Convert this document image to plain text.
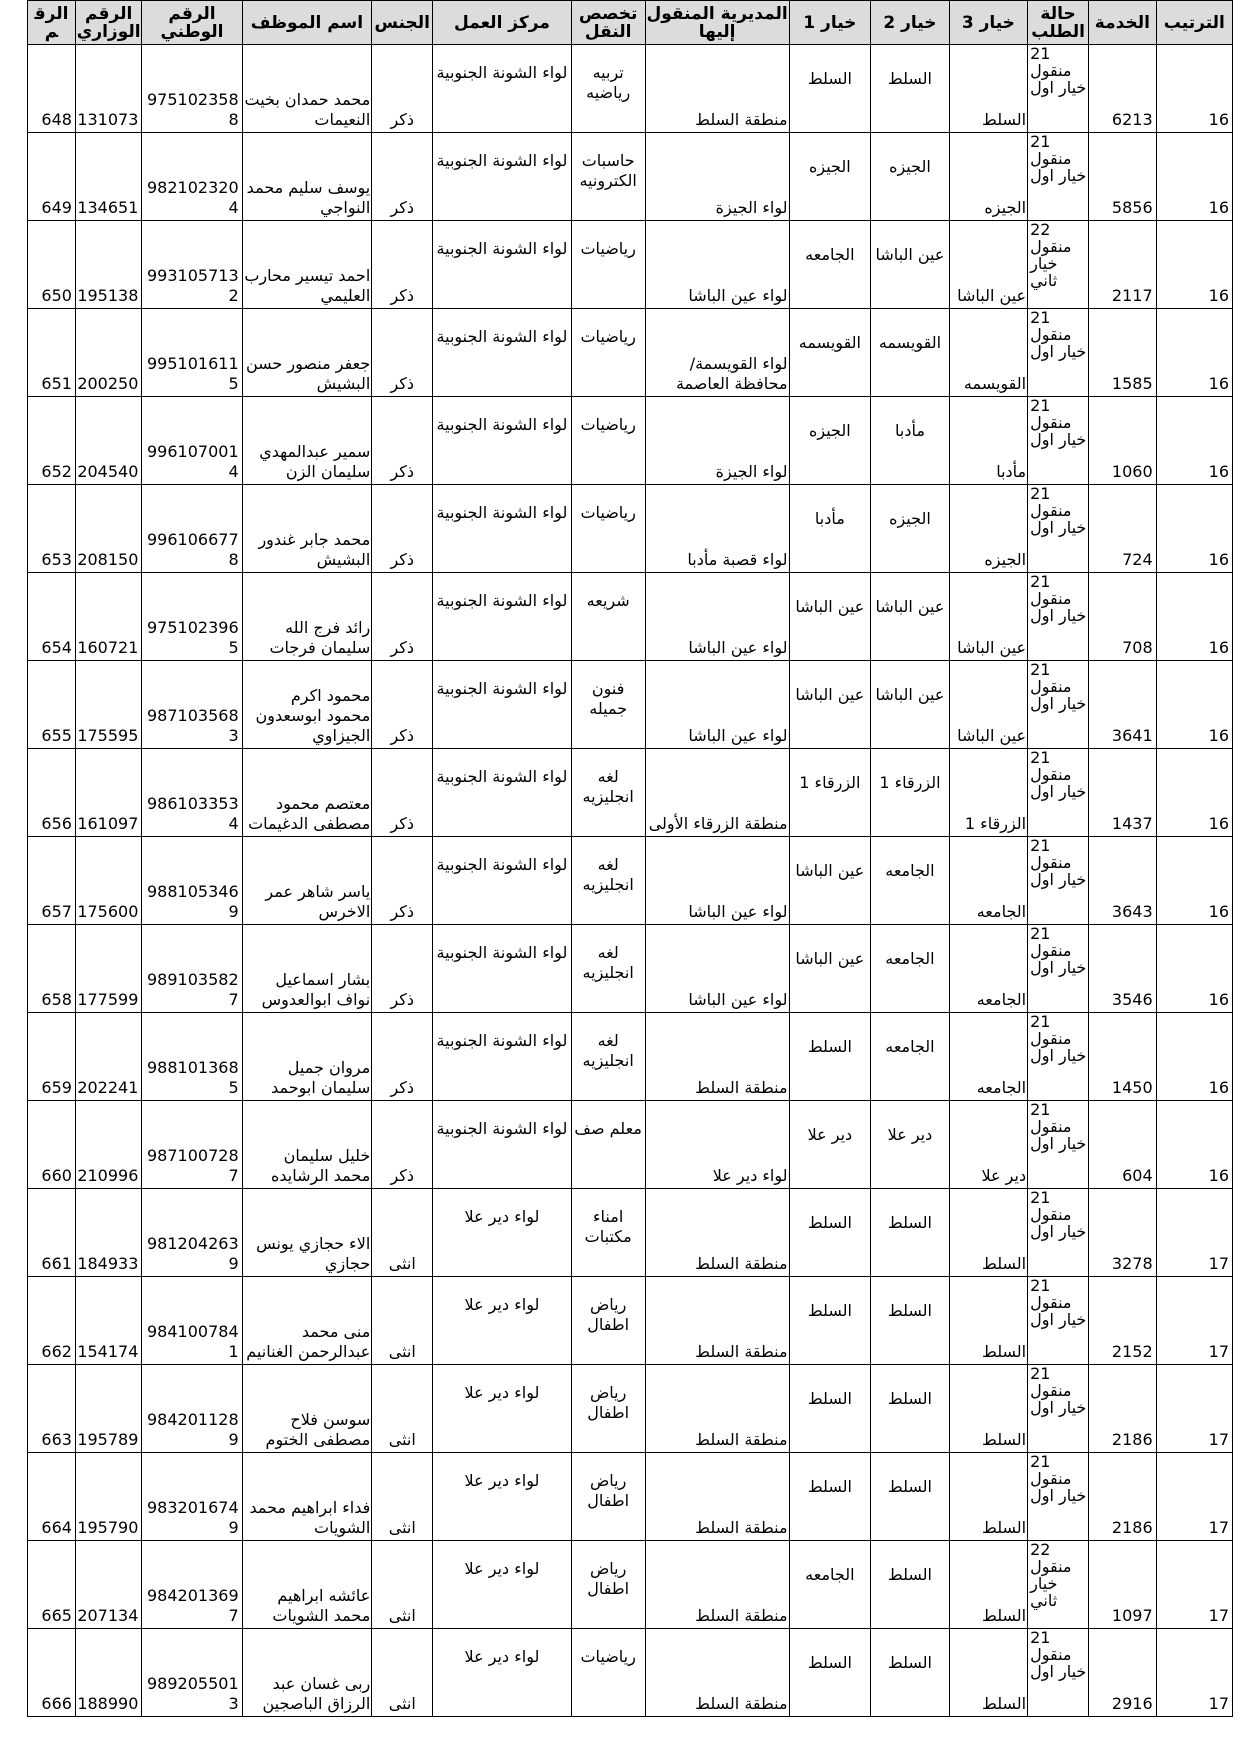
الرقم	الرقم الوزاري	الرقم الوطني	اسم الموظف	الجنس	مركز العمل	تخصص النقل	المديرية المنقول إليها	خيار 1	خيار 2	خيار 3	حالة الطلب	الخدمة	الترتيب
648	131073	9751023588	محمد حمدان بخيت النعيمات	ذكر	لواء الشونة الجنوبية	تربيه رياضيه	منطقة السلط	السلط	السلط	السلط	21 منقول خيار اول	6213	16
649	134651	9821023204	يوسف سليم محمد النواجي	ذكر	لواء الشونة الجنوبية	حاسبات الكترونيه	لواء الجيزة	الجيزه	الجيزه	الجيزه	21 منقول خيار اول	5856	16
650	195138	9931057132	احمد تيسير محارب العليمي	ذكر	لواء الشونة الجنوبية	رياضيات	لواء عين الباشا	الجامعه	عين الباشا	عين الباشا	22 منقول خيار ثاني	2117	16
651	200250	9951016115	جعفر منصور حسن البشيش	ذكر	لواء الشونة الجنوبية	رياضيات	لواء القويسمة/محافظة العاصمة	القويسمه	القويسمه	القويسمه	21 منقول خيار اول	1585	16
652	204540	9961070014	سمير عبدالمهدي سليمان الزن	ذكر	لواء الشونة الجنوبية	رياضيات	لواء الجيزة	الجيزه	مأدبا	مأدبا	21 منقول خيار اول	1060	16
653	208150	9961066778	محمد جابر غندور البشيش	ذكر	لواء الشونة الجنوبية	رياضيات	لواء قصبة مأدبا	مأدبا	الجيزه	الجيزه	21 منقول خيار اول	724	16
654	160721	9751023965	رائد فرج الله سليمان فرجات	ذكر	لواء الشونة الجنوبية	شريعه	لواء عين الباشا	عين الباشا	عين الباشا	عين الباشا	21 منقول خيار اول	708	16
655	175595	9871035683	محمود اكرم محمود ابوسعدون الجيزاوي	ذكر	لواء الشونة الجنوبية	فنون جميله	لواء عين الباشا	عين الباشا	عين الباشا	عين الباشا	21 منقول خيار اول	3641	16
656	161097	9861033534	معتصم محمود مصطفى الدغيمات	ذكر	لواء الشونة الجنوبية	لغه انجليزيه	منطقة الزرقاء الأولى	الزرقاء 1	الزرقاء 1	الزرقاء 1	21 منقول خيار اول	1437	16
657	175600	9881053469	ياسر شاهر عمر الاخرس	ذكر	لواء الشونة الجنوبية	لغه انجليزيه	لواء عين الباشا	عين الباشا	الجامعه	الجامعه	21 منقول خيار اول	3643	16
658	177599	9891035827	بشار اسماعيل نواف ابوالعدوس	ذكر	لواء الشونة الجنوبية	لغه انجليزيه	لواء عين الباشا	عين الباشا	الجامعه	الجامعه	21 منقول خيار اول	3546	16
659	202241	9881013685	مروان جميل سليمان ابوحمد	ذكر	لواء الشونة الجنوبية	لغه انجليزيه	منطقة السلط	السلط	الجامعه	الجامعه	21 منقول خيار اول	1450	16
660	210996	9871007287	خليل سليمان محمد الرشايده	ذكر	لواء الشونة الجنوبية	معلم صف	لواء دير علا	دير علا	دير علا	دير علا	21 منقول خيار اول	604	16
661	184933	9812042639	الاء حجازي يونس حجازي	انثى	لواء دير علا	امناء مكتبات	منطقة السلط	السلط	السلط	السلط	21 منقول خيار اول	3278	17
662	154174	9841007841	منى محمد عبدالرحمن الغنانيم	انثى	لواء دير علا	رياض اطفال	منطقة السلط	السلط	السلط	السلط	21 منقول خيار اول	2152	17
663	195789	9842011289	سوسن فلاح مصطفى الختوم	انثى	لواء دير علا	رياض اطفال	منطقة السلط	السلط	السلط	السلط	21 منقول خيار اول	2186	17
664	195790	9832016749	فداء ابراهيم محمد الشويات	انثى	لواء دير علا	رياض اطفال	منطقة السلط	السلط	السلط	السلط	21 منقول خيار اول	2186	17
665	207134	9842013697	عائشه ابراهيم محمد الشويات	انثى	لواء دير علا	رياض اطفال	منطقة السلط	الجامعه	السلط	السلط	22 منقول خيار ثاني	1097	17
666	188990	9892055013	ربى غسان عبد الرزاق الباصجين	انثى	لواء دير علا	رياضيات	منطقة السلط	السلط	السلط	السلط	21 منقول خيار اول	2916	17
